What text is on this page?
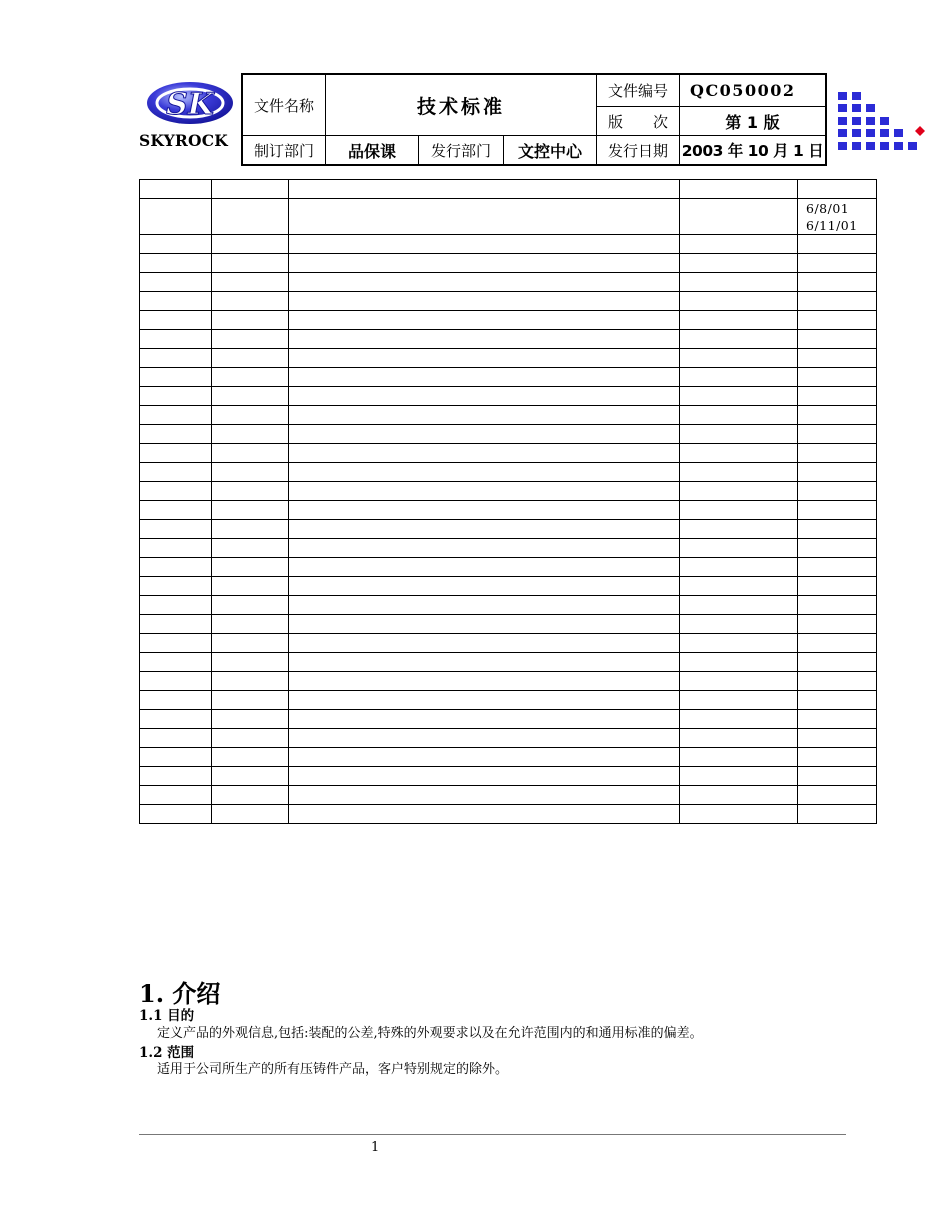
SK
SKYROCK
文件名称	技术标准
文件编号	QC050002
版　　次	第 1 版
制订部门	品保课	发行部门	文控中心	发行日期 2003 年 10 月 1 日

				6/8/01
6/11/01

1. 介绍
1.1 目的
定义产品的外观信息,包括:装配的公差,特殊的外观要求以及在允许范围内的和通用标准的偏差。
1.2 范围
适用于公司所生产的所有压铸件产品，客户特别规定的除外。
1
